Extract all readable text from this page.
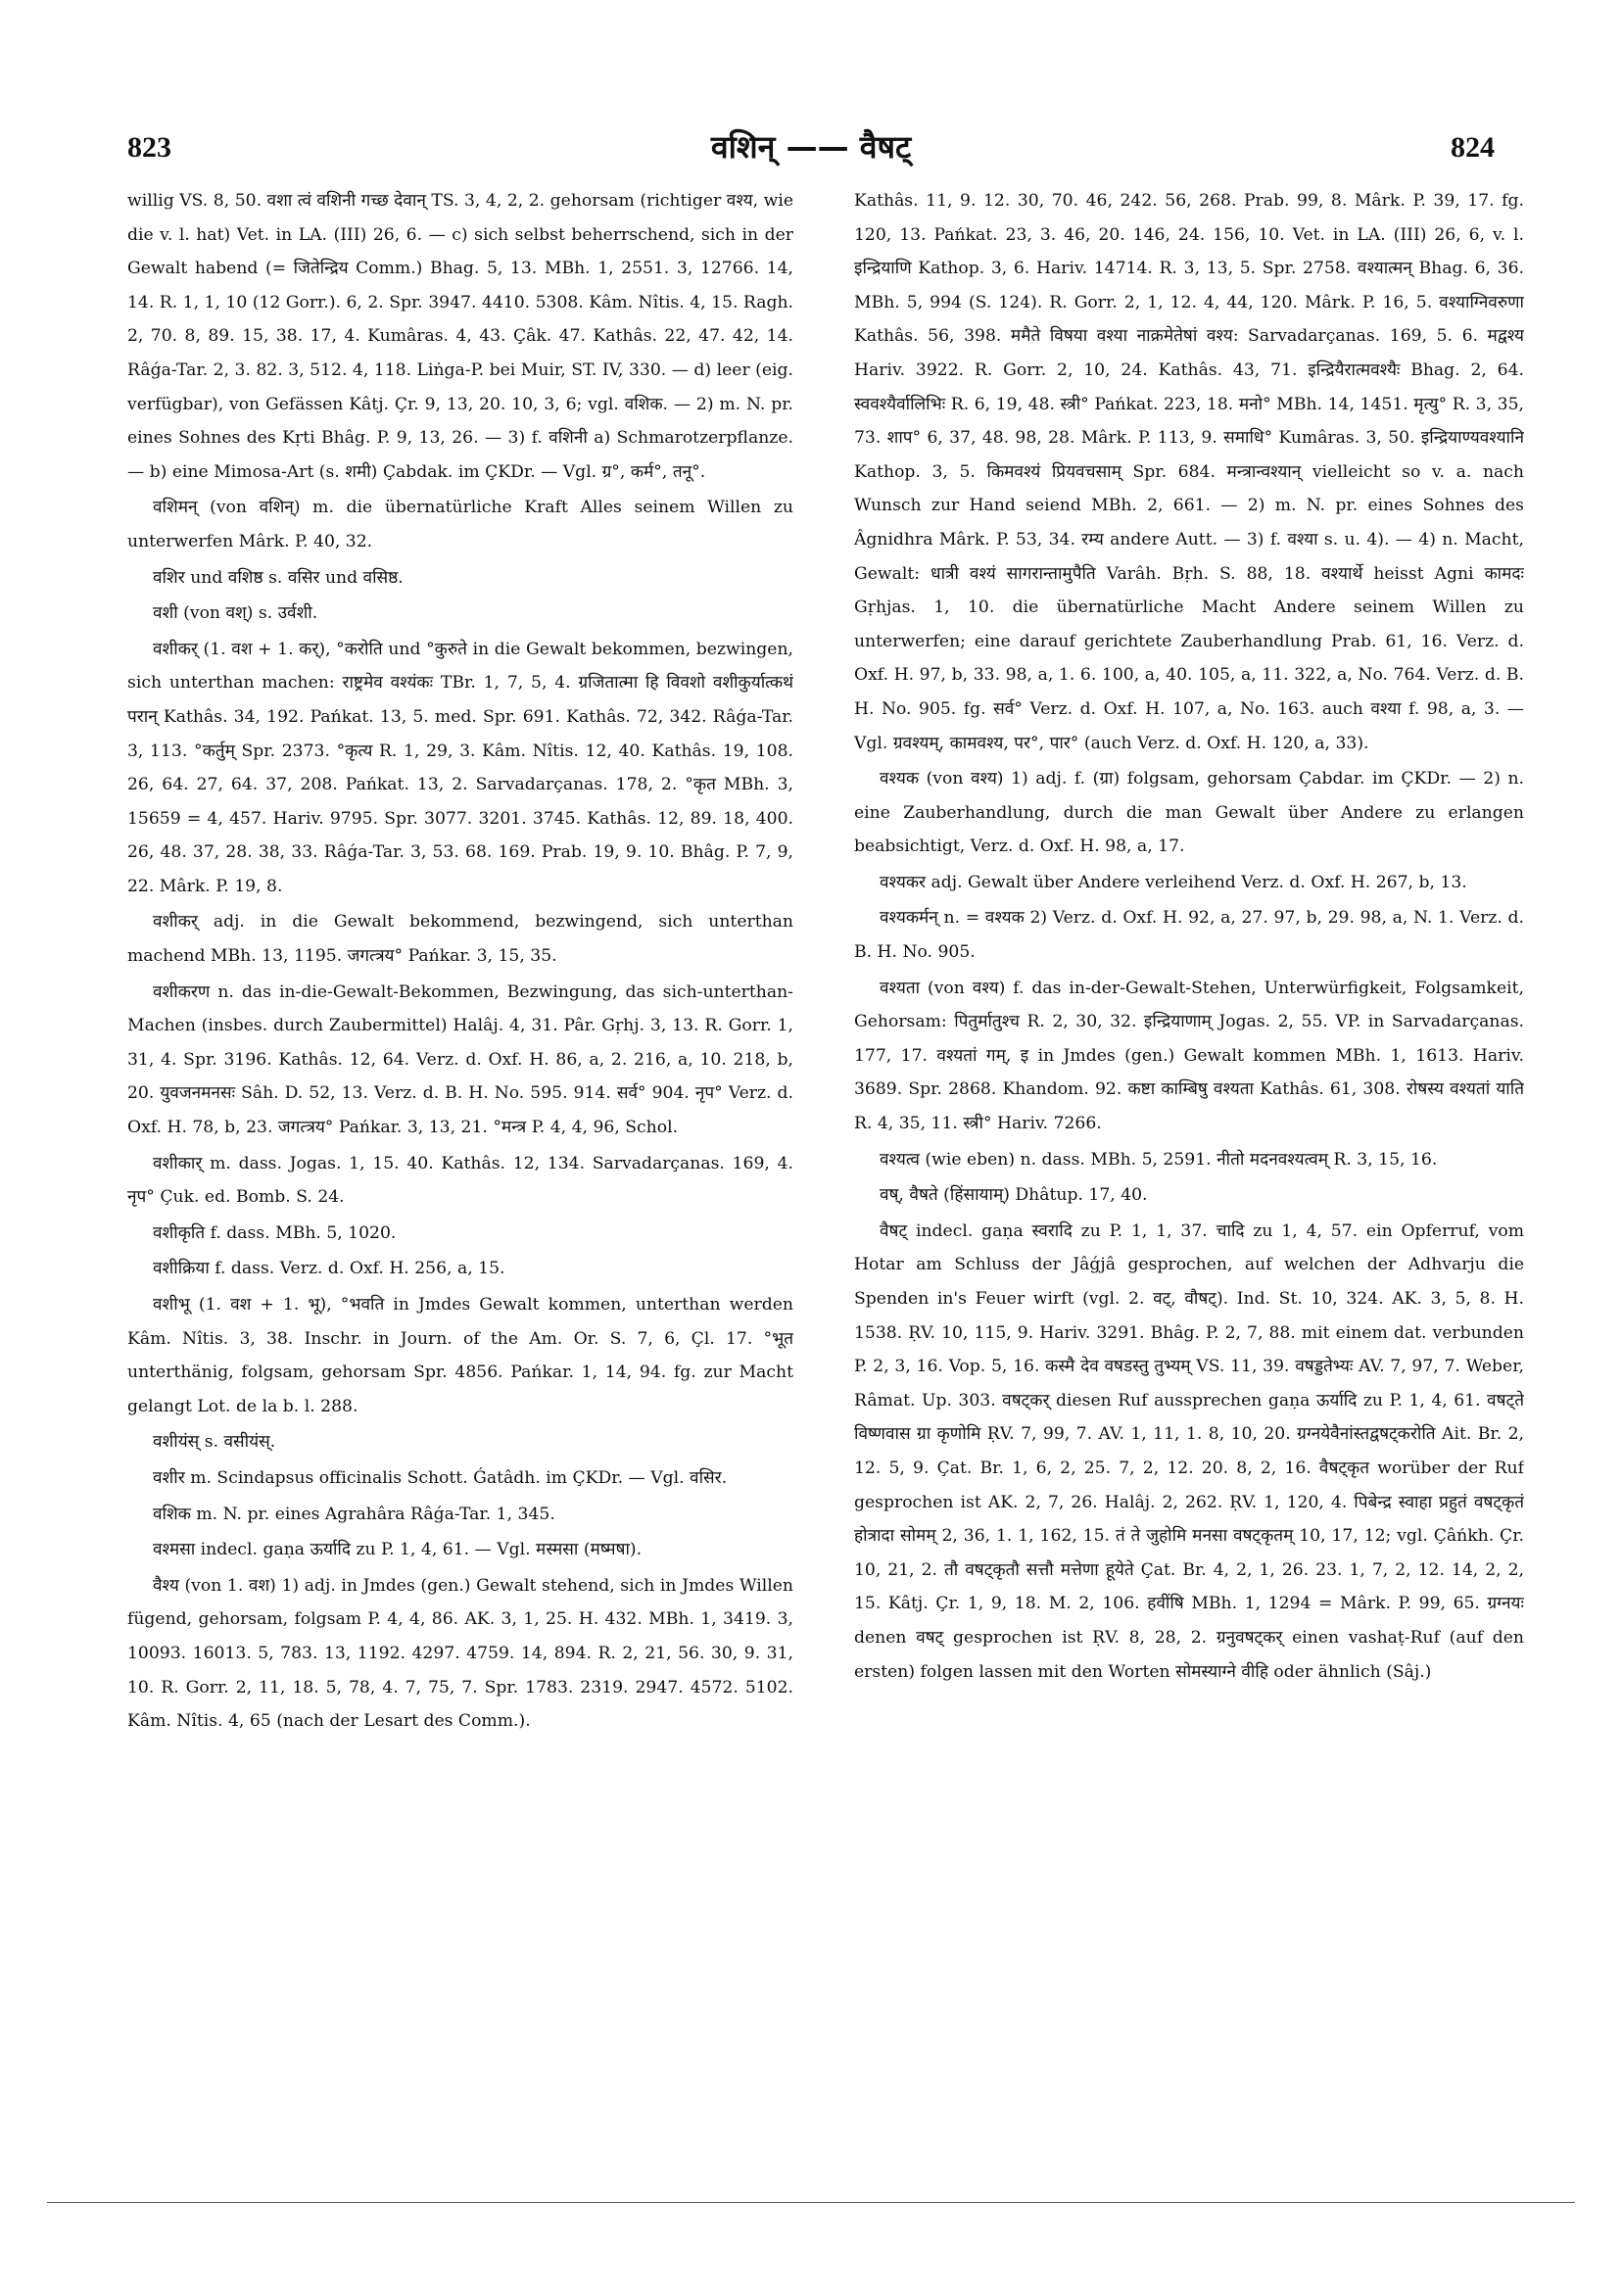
823	वशिन् —— वैषट्	824

willig VS. 8, 50. वशा त्वं वशिनी गच्छ देवान् TS. 3, 4, 2, 2. gehorsam (richtiger वश्य, wie die v. l. hat) Vet. in LA. (III) 26, 6. — c) sich selbst beherrschend, sich in der Gewalt habend (= जितेन्द्रिय Comm.) Bhag. 5, 13. MBh. 1, 2551. 3, 12766. 14, 14. R. 1, 1, 10 (12 Gorr.). 6, 2. Spr. 3947. 4410. 5308. Kâm. Nîtis. 4, 15. Ragh. 2, 70. 8, 89. 15, 38. 17, 4. Kumâras. 4, 43. Çâk. 47. Kathâs. 22, 47. 42, 14. Râǵa-Tar. 2, 3. 82. 3, 512. 4, 118. Liṅga-P. bei Muir, ST. IV, 330. — d) leer (eig. verfügbar), von Gefässen Kâtj. Çr. 9, 13, 20. 10, 3, 6; vgl. वशिक. — 2) m. N. pr. eines Sohnes des Kṛti Bhâg. P. 9, 13, 26. — 3) f. वशिनी a) Schmarotzerpflanze. — b) eine Mimosa-Art (s. शमी) Çabdak. im ÇKDr. — Vgl. ग्र°, कर्म°, तनू°.

वशिमन् (von वशिन्) m. die übernatürliche Kraft Alles seinem Willen zu unterwerfen Mârk. P. 40, 32.

वशिर und वशिष्ठ s. वसिर und वसिष्ठ.

वशी (von वश्) s. उर्वशी.

वशीकर् (1. वश + 1. कर्), °करोति und °कुरुते in die Gewalt bekommen, bezwingen, sich unterthan machen: राष्ट्रमेव वश्यंकः TBr. 1, 7, 5, 4. ग्रजितात्मा हि विवशो वशीकुर्यात्कथं परान् Kathâs. 34, 192. Pańkat. 13, 5. med. Spr. 691. Kathâs. 72, 342. Râǵa-Tar. 3, 113. °कर्तुम् Spr. 2373. °कृत्य R. 1, 29, 3. Kâm. Nîtis. 12, 40. Kathâs. 19, 108. 26, 64. 27, 64. 37, 208. Pańkat. 13, 2. Sarvadarçanas. 178, 2. °कृत MBh. 3, 15659 = 4, 457. Hariv. 9795. Spr. 3077. 3201. 3745. Kathâs. 12, 89. 18, 400. 26, 48. 37, 28. 38, 33. Râǵa-Tar. 3, 53. 68. 169. Prab. 19, 9. 10. Bhâg. P. 7, 9, 22. Mârk. P. 19, 8.

वशीकर् adj. in die Gewalt bekommend, bezwingend, sich unterthan machend MBh. 13, 1195. जगत्त्रय° Pańkar. 3, 15, 35.

वशीकरण n. das in-die-Gewalt-Bekommen, Bezwingung, das sich-unterthan-Machen (insbes. durch Zaubermittel) Halâj. 4, 31. Pâr. Gṛhj. 3, 13. R. Gorr. 1, 31, 4. Spr. 3196. Kathâs. 12, 64. Verz. d. Oxf. H. 86, a, 2. 216, a, 10. 218, b, 20. युवजनमनसः Sâh. D. 52, 13. Verz. d. B. H. No. 595. 914. सर्व° 904. नृप° Verz. d. Oxf. H. 78, b, 23. जगत्त्रय° Pańkar. 3, 13, 21. °मन्त्र P. 4, 4, 96, Schol.

वशीकार् m. dass. Jogas. 1, 15. 40. Kathâs. 12, 134. Sarvadarçanas. 169, 4. नृप° Çuk. ed. Bomb. S. 24.

वशीकृति f. dass. MBh. 5, 1020.

वशीक्रिया f. dass. Verz. d. Oxf. H. 256, a, 15.

वशीभू (1. वश + 1. भू), °भवति in Jmdes Gewalt kommen, unterthan werden Kâm. Nîtis. 3, 38. Inschr. in Journ. of the Am. Or. S. 7, 6, Çl. 17. °भूत unterthänig, folgsam, gehorsam Spr. 4856. Pańkar. 1, 14, 94. fg. zur Macht gelangt Lot. de la b. l. 288.

वशीयंस् s. वसीयंस्.

वशीर m. Scindapsus officinalis Schott. Ǵatâdh. im ÇKDr. — Vgl. वसिर.

वशिक m. N. pr. eines Agrahâra Râǵa-Tar. 1, 345.

वश्मसा indecl. gaṇa ऊर्यादि zu P. 1, 4, 61. — Vgl. मस्मसा (मष्मषा).

वैश्य (von 1. वश) 1) adj. in Jmdes (gen.) Gewalt stehend, sich in Jmdes Willen fügend, gehorsam, folgsam P. 4, 4, 86. AK. 3, 1, 25. H. 432. MBh. 1, 3419. 3, 10093. 16013. 5, 783. 13, 1192. 4297. 4759. 14, 894. R. 2, 21, 56. 30, 9. 31, 10. R. Gorr. 2, 11, 18. 5, 78, 4. 7, 75, 7. Spr. 1783. 2319. 2947. 4572. 5102. Kâm. Nîtis. 4, 65 (nach der Lesart des Comm.).

Kathâs. 11, 9. 12. 30, 70. 46, 242. 56, 268. Prab. 99, 8. Mârk. P. 39, 17. fg. 120, 13. Pańkat. 23, 3. 46, 20. 146, 24. 156, 10. Vet. in LA. (III) 26, 6, v. l. इन्द्रियाणि Kathop. 3, 6. Hariv. 14714. R. 3, 13, 5. Spr. 2758. वश्यात्मन् Bhag. 6, 36. MBh. 5, 994 (S. 124). R. Gorr. 2, 1, 12. 4, 44, 120. Mârk. P. 16, 5. वश्याग्निवरुणा Kathâs. 56, 398. ममैते विषया वश्या नाक्रमेतेषां वश्य: Sarvadarçanas. 169, 5. 6. मद्वश्य Hariv. 3922. R. Gorr. 2, 10, 24. Kathâs. 43, 71. इन्द्रियैरात्मवश्यैः Bhag. 2, 64. स्ववश्यैर्वालिभिः R. 6, 19, 48. स्त्री° Pańkat. 223, 18. मनो° MBh. 14, 1451. मृत्यु° R. 3, 35, 73. शाप° 6, 37, 48. 98, 28. Mârk. P. 113, 9. समाधि° Kumâras. 3, 50. इन्द्रियाण्यवश्यानि Kathop. 3, 5. किमवश्यं प्रियवचसाम् Spr. 684. मन्त्रान्वश्यान् vielleicht so v. a. nach Wunsch zur Hand seiend MBh. 2, 661. — 2) m. N. pr. eines Sohnes des Âgnidhra Mârk. P. 53, 34. रम्य andere Autt. — 3) f. वश्या s. u. 4). — 4) n. Macht, Gewalt: धात्री वश्यं सागरान्तामुपैति Varâh. Bṛh. S. 88, 18. वश्यार्थे heisst Agni कामदः Gṛhjas. 1, 10. die übernatürliche Macht Andere seinem Willen zu unterwerfen; eine darauf gerichtete Zauberhandlung Prab. 61, 16. Verz. d. Oxf. H. 97, b, 33. 98, a, 1. 6. 100, a, 40. 105, a, 11. 322, a, No. 764. Verz. d. B. H. No. 905. fg. सर्व° Verz. d. Oxf. H. 107, a, No. 163. auch वश्या f. 98, a, 3. — Vgl. ग्रवश्यम्, कामवश्य, पर°, पार° (auch Verz. d. Oxf. H. 120, a, 33).

वश्यक (von वश्य) 1) adj. f. (ग्रा) folgsam, gehorsam Çabdar. im ÇKDr. — 2) n. eine Zauberhandlung, durch die man Gewalt über Andere zu erlangen beabsichtigt, Verz. d. Oxf. H. 98, a, 17.

वश्यकर adj. Gewalt über Andere verleihend Verz. d. Oxf. H. 267, b, 13.

वश्यकर्मन् n. = वश्यक 2) Verz. d. Oxf. H. 92, a, 27. 97, b, 29. 98, a, N. 1. Verz. d. B. H. No. 905.

वश्यता (von वश्य) f. das in-der-Gewalt-Stehen, Unterwürfigkeit, Folgsamkeit, Gehorsam: पितुर्मातुश्च R. 2, 30, 32. इन्द्रियाणाम् Jogas. 2, 55. VP. in Sarvadarçanas. 177, 17. वश्यतां गम्, इ in Jmdes (gen.) Gewalt kommen MBh. 1, 1613. Hariv. 3689. Spr. 2868. Khandom. 92. कष्टा काम्बिषु वश्यता Kathâs. 61, 308. रोषस्य वश्यतां याति R. 4, 35, 11. स्त्री° Hariv. 7266.

वश्यत्व (wie eben) n. dass. MBh. 5, 2591. नीतो मदनवश्यत्वम् R. 3, 15, 16.

वष्, वैषते (हिंसायाम्) Dhâtup. 17, 40.

वैषट् indecl. gaṇa स्वरादि zu P. 1, 1, 37. चादि zu 1, 4, 57. ein Opferruf, vom Hotar am Schluss der Jâǵjâ gesprochen, auf welchen der Adhvarju die Spenden in's Feuer wirft (vgl. 2. वट्, वौषट्). Ind. St. 10, 324. AK. 3, 5, 8. H. 1538. ṚV. 10, 115, 9. Hariv. 3291. Bhâg. P. 2, 7, 88. mit einem dat. verbunden P. 2, 3, 16. Vop. 5, 16. कस्मै देव वषडस्तु तुभ्यम् VS. 11, 39. वषड्डतेभ्यः AV. 7, 97, 7. Weber, Râmat. Up. 303. वषट्कर् diesen Ruf aussprechen gaṇa ऊर्यादि zu P. 1, 4, 61. वषट्ते विष्णवास ग्रा कृणोमि ṚV. 7, 99, 7. AV. 1, 11, 1. 8, 10, 20. ग्रग्नयेवैनांस्तद्वषट्करोति Ait. Br. 2, 12. 5, 9. Çat. Br. 1, 6, 2, 25. 7, 2, 12. 20. 8, 2, 16. वैषट्कृत worüber der Ruf gesprochen ist AK. 2, 7, 26. Halâj. 2, 262. ṚV. 1, 120, 4. पिबेन्द्र स्वाहा प्रहुतं वषट्कृतं होत्रादा सोमम् 2, 36, 1. 1, 162, 15. तं ते जुहोमि मनसा वषट्कृतम् 10, 17, 12; vgl. Çâńkh. Çr. 10, 21, 2. तौ वषट्कृतौ सत्तौ मत्तेणा हूयेते Çat. Br. 4, 2, 1, 26. 23. 1, 7, 2, 12. 14, 2, 2, 15. Kâtj. Çr. 1, 9, 18. M. 2, 106. हवींषि MBh. 1, 1294 = Mârk. P. 99, 65. ग्रग्नयः denen वषट् gesprochen ist ṚV. 8, 28, 2. ग्रनुवषट्कर् einen vashaṭ-Ruf (auf den ersten) folgen lassen mit den Worten सोमस्याग्ने वीहि oder ähnlich (Sâj.)
